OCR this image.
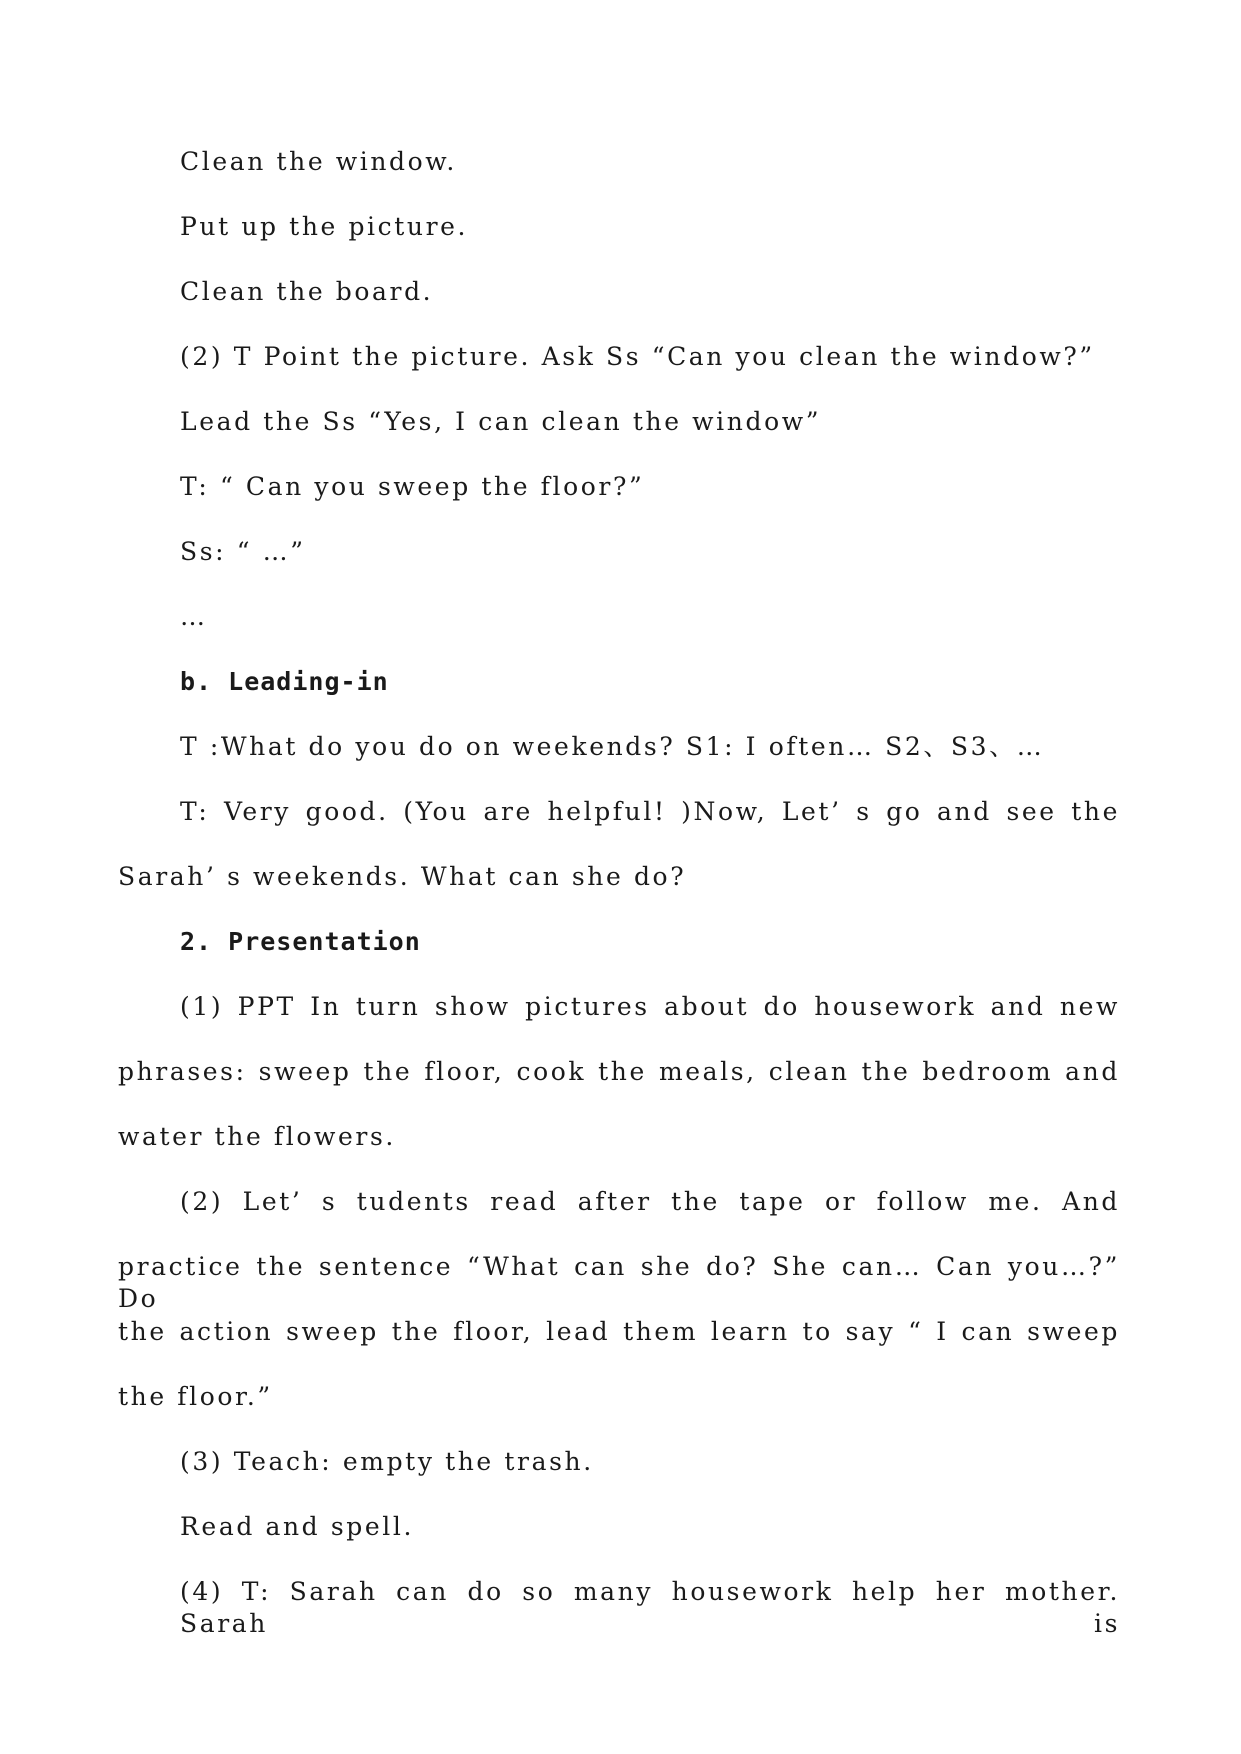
Clean the window.
Put up the picture.
Clean the board.
(2) T Point the picture. Ask Ss “Can you clean the window?”
Lead the Ss “Yes, I can clean the window”
T: “ Can you sweep the floor?”
Ss: “ …”
…
b. Leading-in
T :What do you do on weekends? S1: I often… S2、S3、…
T: Very good. (You are helpful! )Now, Let’ s go and see the
Sarah’ s weekends. What can she do?
2. Presentation
(1) PPT In turn show pictures about do housework and new
phrases: sweep the floor, cook the meals, clean the bedroom and
water the flowers.
(2) Let’ s tudents read after the tape or follow me. And
practice the sentence “What can she do? She can… Can you…?” Do
the action sweep the floor, lead them learn to say “ I can sweep
the floor.”
(3) Teach: empty the trash.
Read and spell.
(4) T: Sarah can do so many housework help her mother. Sarah is
